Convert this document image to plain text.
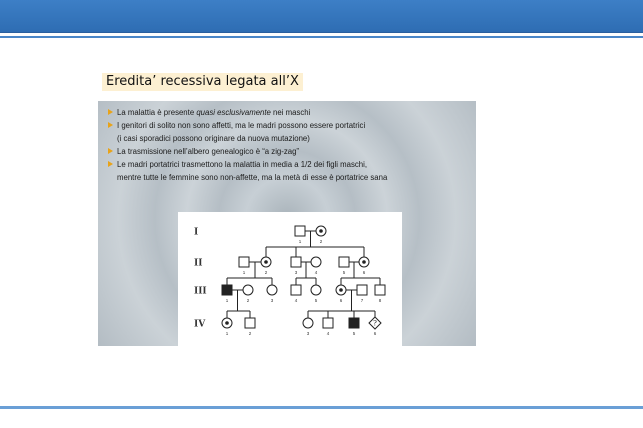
Eredita’ recessiva legata all’X
La malattia è presente quasi esclusivamente nei maschi
I genitori di solito non sono affetti, ma le madri possono essere portatrici
(i casi sporadici possono originare da nuova mutazione)
La trasmissione nell’albero genealogico è “a zig-zag”
Le madri portatrici trasmettono la malattia in media a 1/2 dei figli maschi,
mentre tutte le femmine sono non-affette, ma la metà di esse è portatrice sana
I
II
III
IV
1	2
1	2	3	4	5	6
1	2	3	4	5	6	7	8
1	2	3	4	5
?
6
